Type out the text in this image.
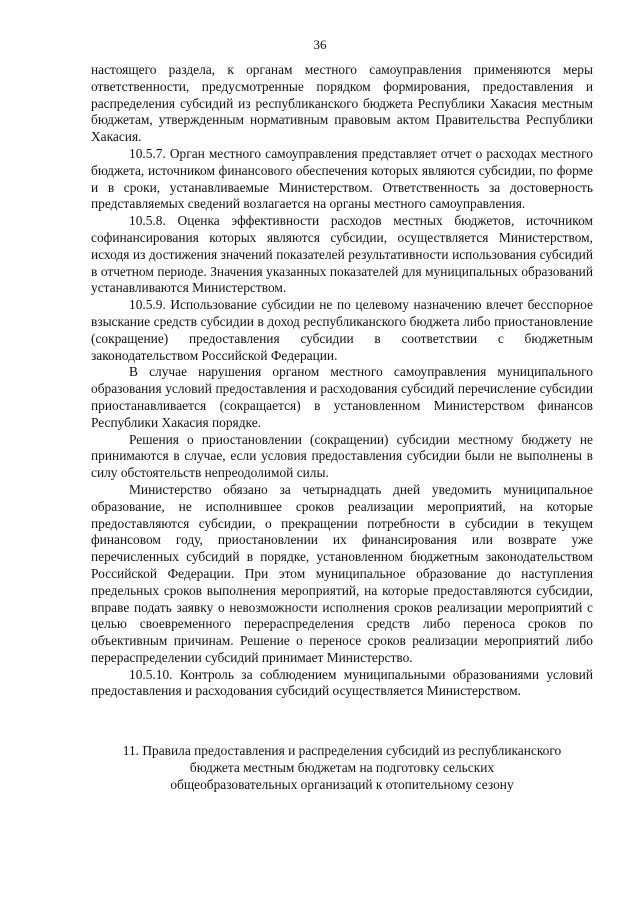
36

настоящего раздела, к органам местного самоуправления применяются меры ответственности, предусмотренные порядком формирования, предоставления и распределения субсидий из республиканского бюджета Республики Хакасия местным бюджетам, утвержденным нормативным правовым актом Правительства Республики Хакасия.

10.5.7. Орган местного самоуправления представляет отчет о расходах местного бюджета, источником финансового обеспечения которых являются субсидии, по форме и в сроки, устанавливаемые Министерством. Ответственность за достоверность представляемых сведений возлагается на органы местного самоуправления.

10.5.8. Оценка эффективности расходов местных бюджетов, источником софинансирования которых являются субсидии, осуществляется Министерством, исходя из достижения значений показателей результативности использования субсидий в отчетном периоде. Значения указанных показателей для муниципальных образований устанавливаются Министерством.

10.5.9. Использование субсидии не по целевому назначению влечет бесспорное взыскание средств субсидии в доход республиканского бюджета либо приостановление (сокращение) предоставления субсидии в соответствии с бюджетным законодательством Российской Федерации.

В случае нарушения органом местного самоуправления муниципального образования условий предоставления и расходования субсидий перечисление субсидии приостанавливается (сокращается) в установленном Министерством финансов Республики Хакасия порядке.

Решения о приостановлении (сокращении) субсидии местному бюджету не принимаются в случае, если условия предоставления субсидии были не выполнены в силу обстоятельств непреодолимой силы.

Министерство обязано за четырнадцать дней уведомить муниципальное образование, не исполнившее сроков реализации мероприятий, на которые предоставляются субсидии, о прекращении потребности в субсидии в текущем финансовом году, приостановлении их финансирования или возврате уже перечисленных субсидий в порядке, установленном бюджетным законодательством Российской Федерации. При этом муниципальное образование до наступления предельных сроков выполнения мероприятий, на которые предоставляются субсидии, вправе подать заявку о невозможности исполнения сроков реализации мероприятий с целью своевременного перераспределения средств либо переноса сроков по объективным причинам. Решение о переносе сроков реализации мероприятий либо перераспределении субсидий принимает Министерство.

10.5.10. Контроль за соблюдением муниципальными образованиями условий предоставления и расходования субсидий осуществляется Министерством.

11. Правила предоставления и распределения субсидий из республиканского
бюджета местным бюджетам на подготовку сельских
общеобразовательных организаций к отопительному сезону
